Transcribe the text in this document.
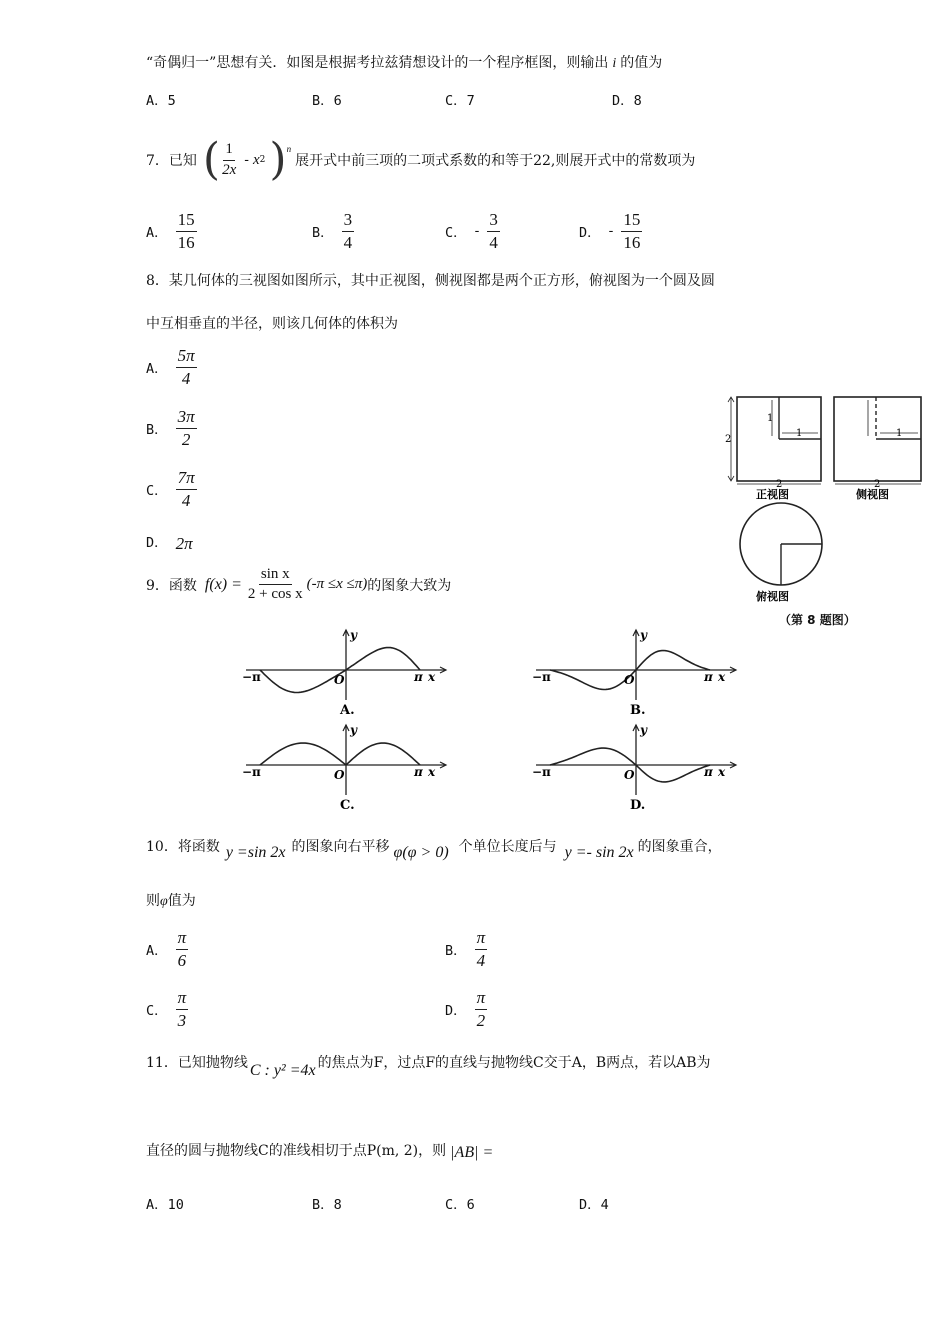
“奇偶归一”思想有关．如图是根据考拉兹猜想设计的一个程序框图，则输出 i 的值为
A．5	B．6	C．7	D．8
7．已知 ( $\frac{1}{2x}$ - x 2 )$^n$
展开式中前三项的二项式系数的和等于22,则展开式中的常数项为
A． $\frac{15}{16}$	B． $\frac{3}{4}$	C． - $\frac{3}{4}$	D． - $\frac{15}{16}$
8．某几何体的三视图如图所示，其中正视图，侧视图都是两个正方形，俯视图为一个圆及圆
中互相垂直的半径，则该几何体的体积为
A． $\frac{5\pi}{4}$
B． $\frac{3\pi}{2}$
C． $\frac{7\pi}{4}$
D． 2π
2
1
1
2
正视图
1
2
侧视图
俯视图
（第 8 题图）
9．函数 $f(x) = \frac{\text{sin x}}{\text{2 + cos x}} (-\pi \le x \le\pi)$ 的图象大致为
−π	π x
y
O
A.
−π	π x
y
O
B.
−π	π x
y
O
C.
−π	π x
y
O
D.
10．将函数 y =sin 2x 的图象向右平移 φ(φ > 0) 个单位长度后与 y =- sin 2x 的图象重合，
则φ值为
A． $\frac{\pi}{6}$	B． $\frac{\pi}{4}$
C． $\frac{\pi}{3}$	D． $\frac{\pi}{2}$
11．已知抛物线 C : y² =4x 的焦点为F，过点F的直线与抛物线C交于A，B两点，若以AB为
直径的圆与抛物线C的准线相切于点P(m, 2)，则 |AB| =
A．10	B．8	C．6	D．4
